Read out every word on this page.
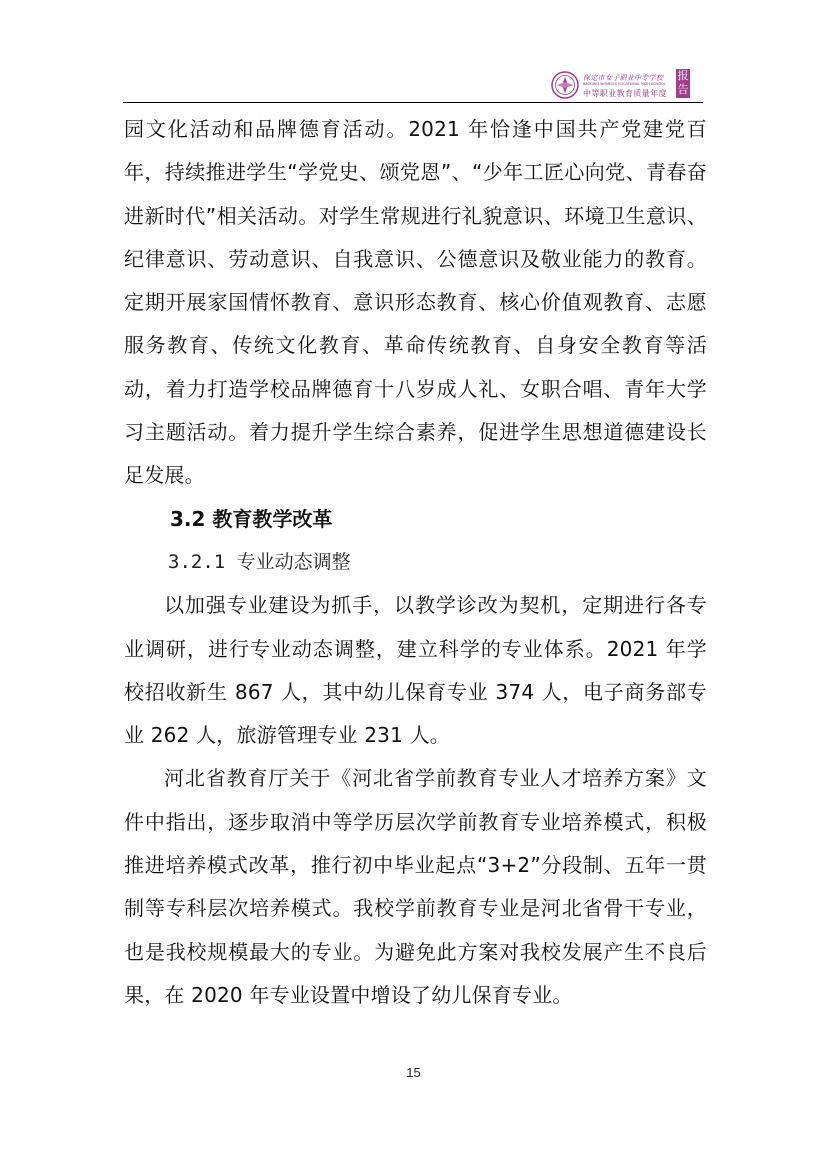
保定市女子职业中专学校
BAODING WOMEN'S VOCATIONAL HIGH SCHOOL
中等职业教育质量年度
报告

园文化活动和品牌德育活动。2021 年恰逢中国共产党建党百年，持续推进学生“学党史、颂党恩”、“少年工匠心向党、青春奋进新时代”相关活动。对学生常规进行礼貌意识、环境卫生意识、纪律意识、劳动意识、自我意识、公德意识及敬业能力的教育。定期开展家国情怀教育、意识形态教育、核心价值观教育、志愿服务教育、传统文化教育、革命传统教育、自身安全教育等活动，着力打造学校品牌德育十八岁成人礼、女职合唱、青年大学习主题活动。着力提升学生综合素养，促进学生思想道德建设长足发展。

3.2 教育教学改革
3.2.1 专业动态调整

以加强专业建设为抓手，以教学诊改为契机，定期进行各专业调研，进行专业动态调整，建立科学的专业体系。2021 年学校招收新生 867 人，其中幼儿保育专业 374 人，电子商务部专业 262 人，旅游管理专业 231 人。

河北省教育厅关于《河北省学前教育专业人才培养方案》文件中指出，逐步取消中等学历层次学前教育专业培养模式，积极推进培养模式改革，推行初中毕业起点“3+2”分段制、五年一贯制等专科层次培养模式。我校学前教育专业是河北省骨干专业，也是我校规模最大的专业。为避免此方案对我校发展产生不良后果，在 2020 年专业设置中增设了幼儿保育专业。

15
